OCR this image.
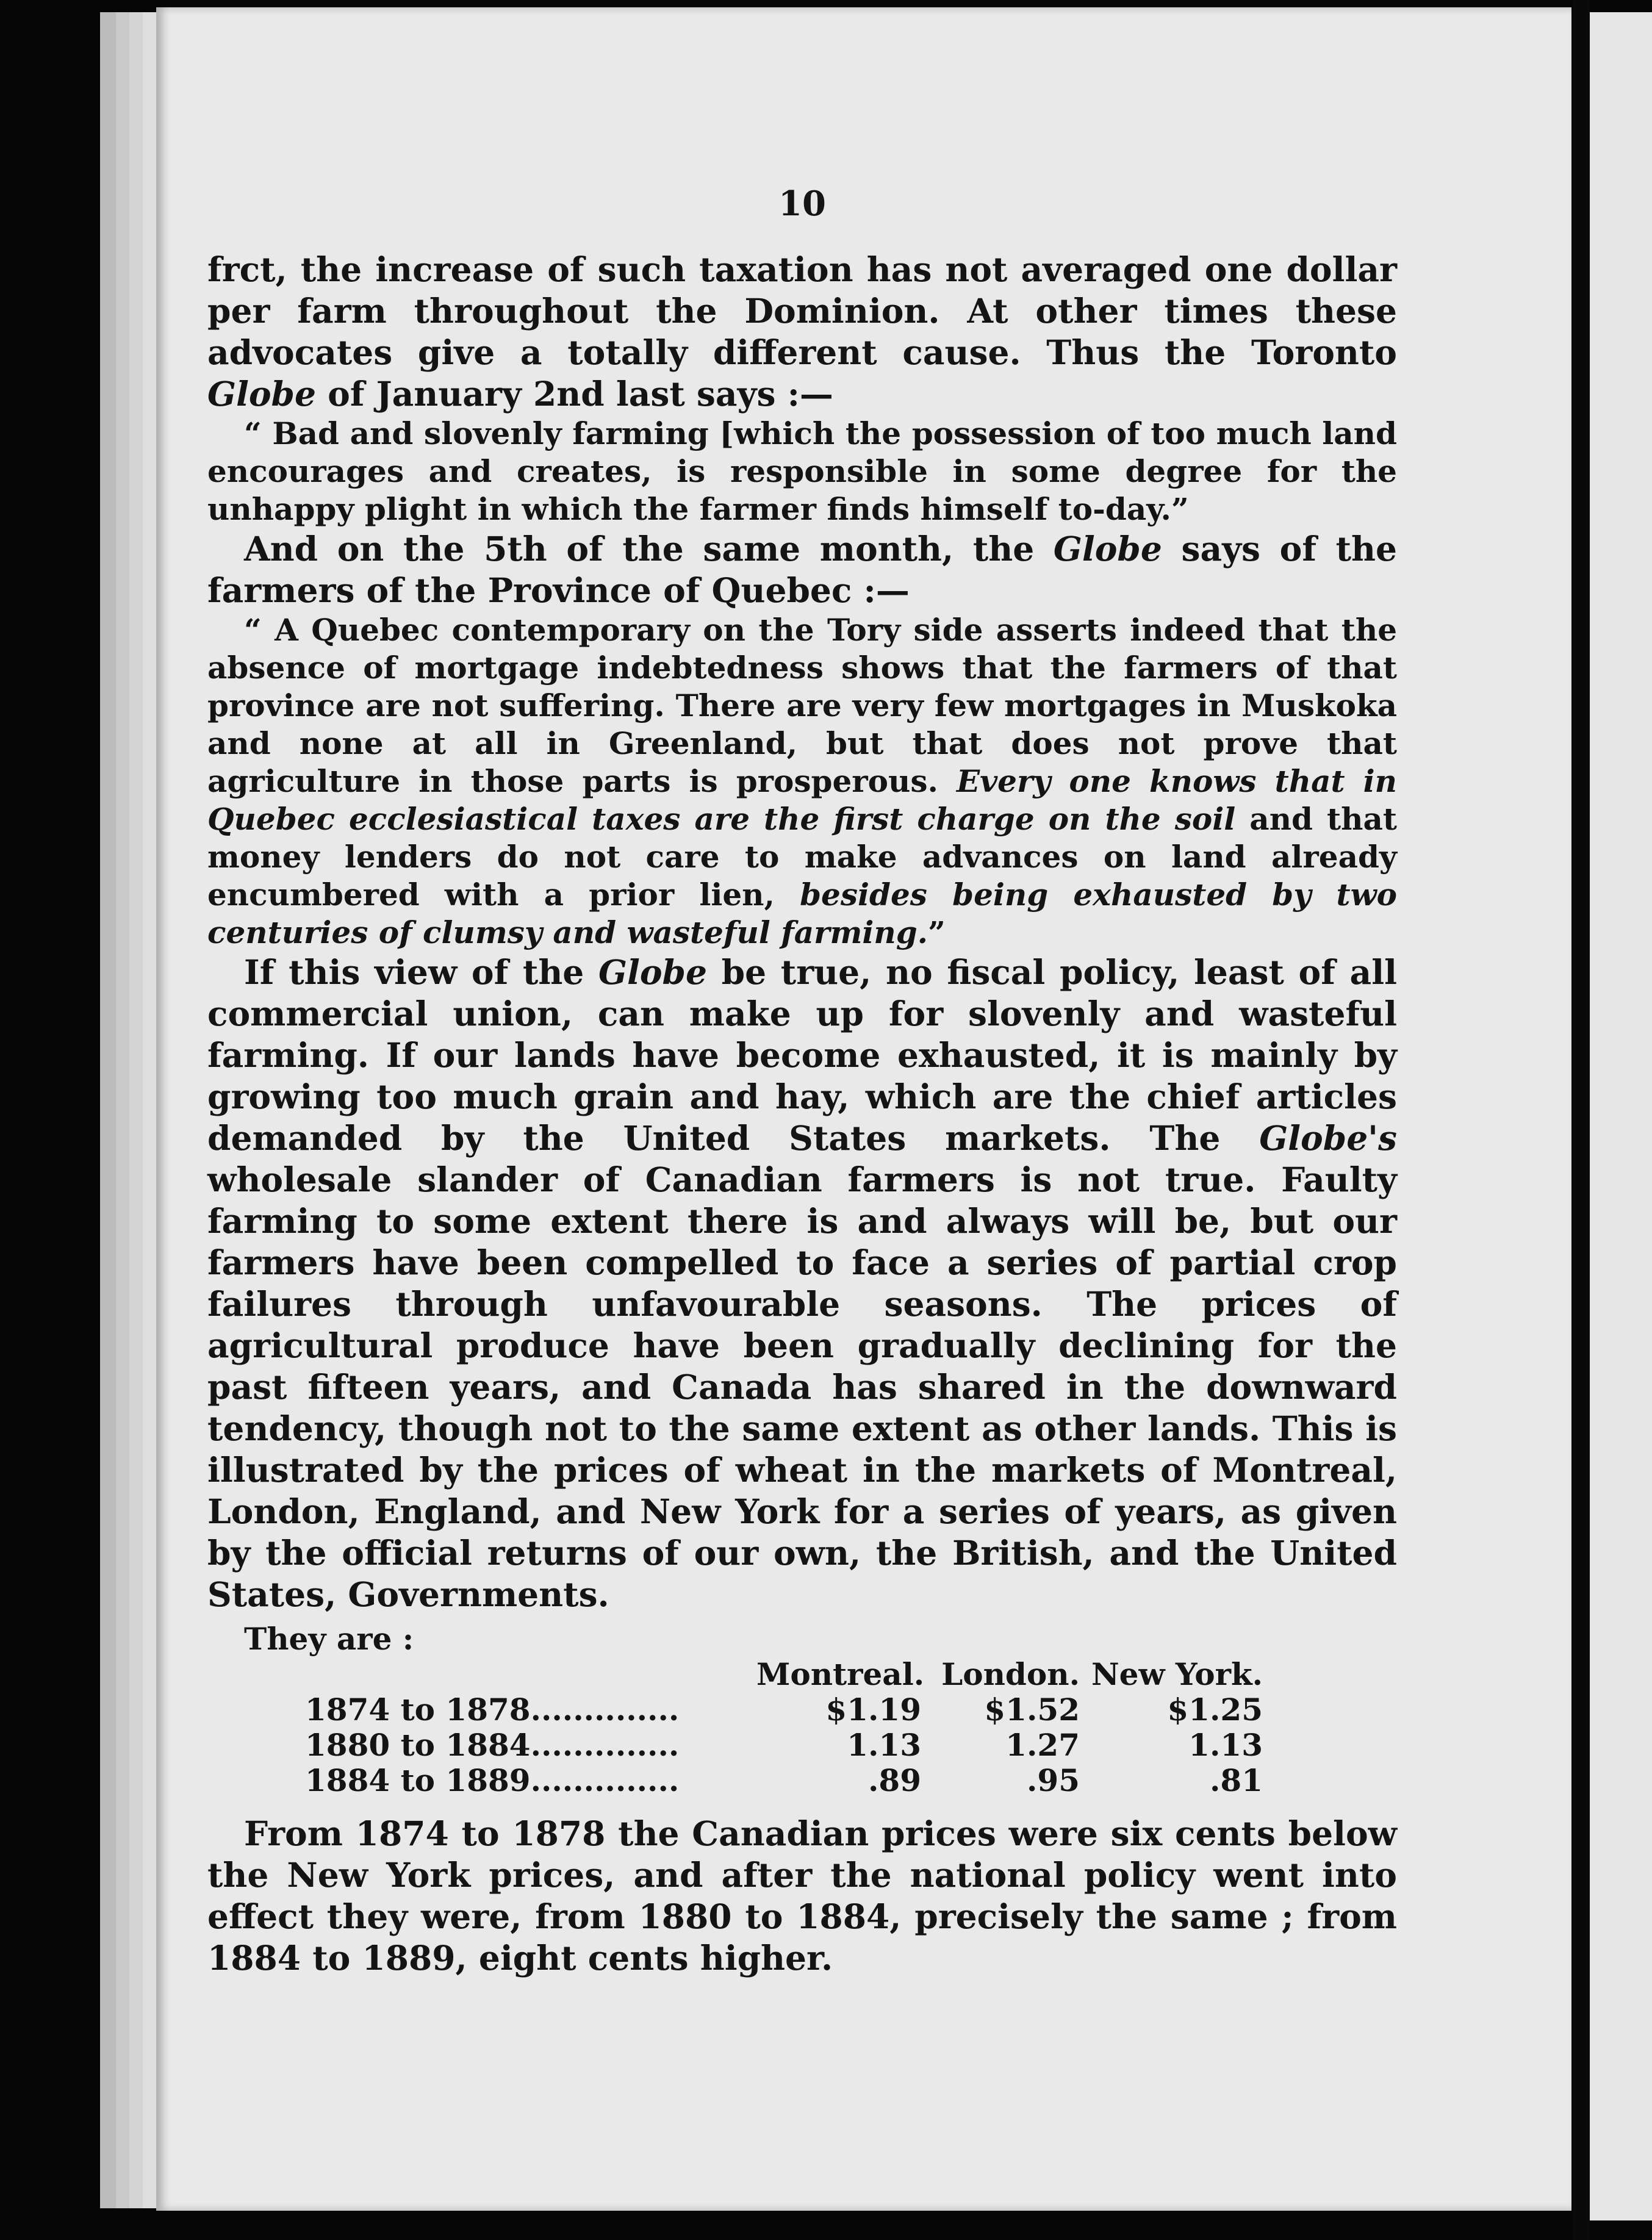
10

frct, the increase of such taxation has not averaged one dollar per farm throughout the Dominion. At other times these advocates give a totally different cause. Thus the Toronto Globe of January 2nd last says :—

“ Bad and slovenly farming [which the possession of too much land encourages and creates, is responsible in some degree for the unhappy plight in which the farmer finds himself to-day.”

And on the 5th of the same month, the Globe says of the farmers of the Province of Quebec :—

“ A Quebec contemporary on the Tory side asserts indeed that the absence of mortgage indebtedness shows that the farmers of that province are not suffering. There are very few mortgages in Muskoka and none at all in Greenland, but that does not prove that agriculture in those parts is prosperous. Every one knows that in Quebec ecclesiastical taxes are the first charge on the soil and that money lenders do not care to make advances on land already encumbered with a prior lien, besides being exhausted by two centuries of clumsy and wasteful farming.”

If this view of the Globe be true, no fiscal policy, least of all commercial union, can make up for slovenly and wasteful farming. If our lands have become exhausted, it is mainly by growing too much grain and hay, which are the chief articles demanded by the United States markets. The Globe's wholesale slander of Canadian farmers is not true. Faulty farming to some extent there is and always will be, but our farmers have been compelled to face a series of partial crop failures through unfavourable seasons. The prices of agricultural produce have been gradually declining for the past fifteen years, and Canada has shared in the downward tendency, though not to the same extent as other lands. This is illustrated by the prices of wheat in the markets of Montreal, London, England, and New York for a series of years, as given by the official returns of our own, the British, and the United States, Governments.

They are :

Montreal. London. New York.
1874 to 1878..............	$1.19	$1.52	$1.25
1880 to 1884..............	1.13	1.27	1.13
1884 to 1889..............	.89	.95	.81

From 1874 to 1878 the Canadian prices were six cents below the New York prices, and after the national policy went into effect they were, from 1880 to 1884, precisely the same ; from 1884 to 1889, eight cents higher.
